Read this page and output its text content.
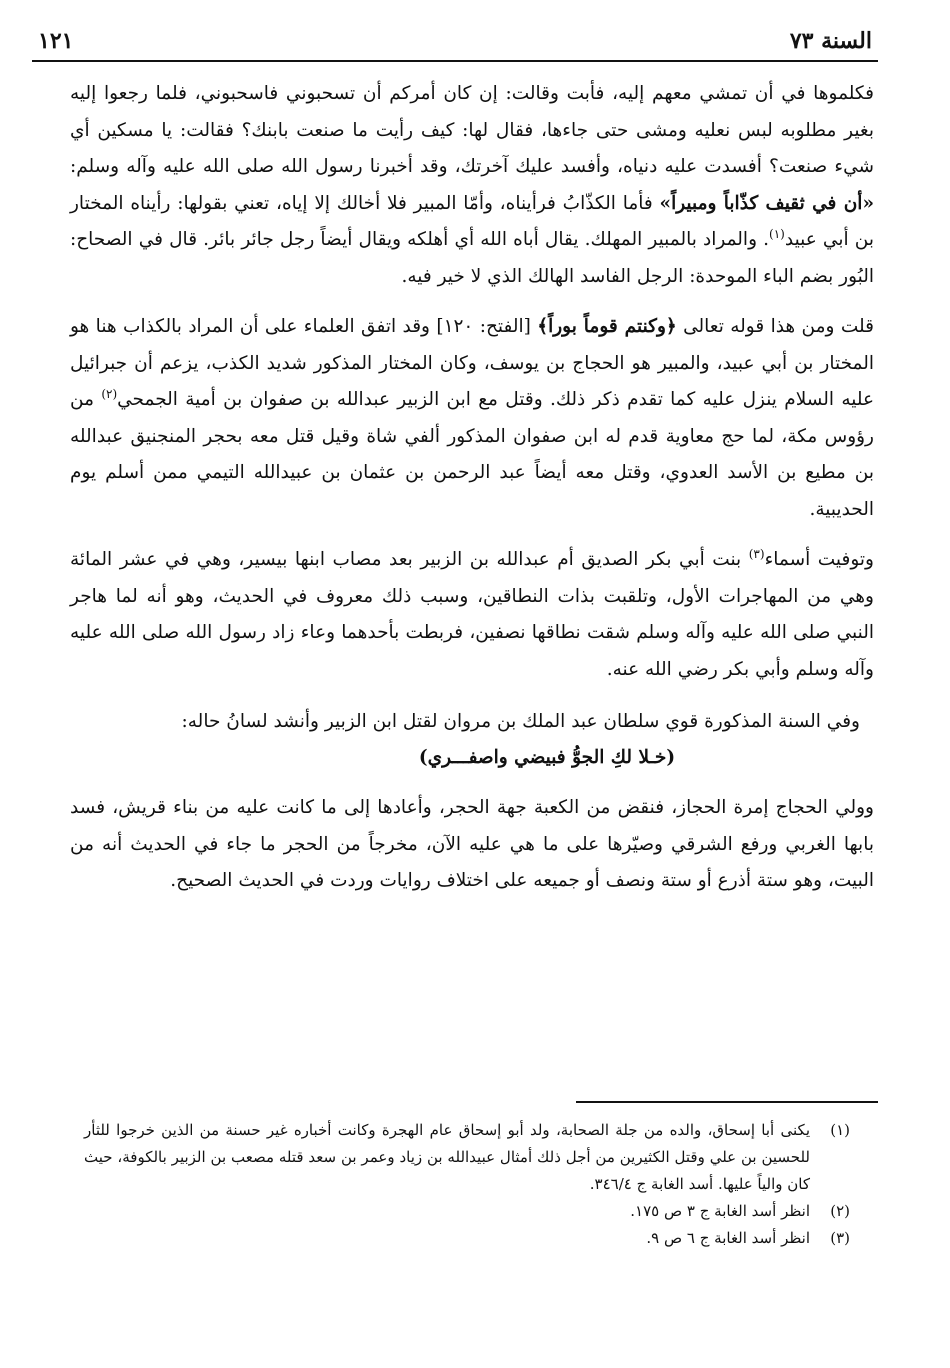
السنة ٧٣
١٢١

فكلموها في أن تمشي معهم إليه، فأبت وقالت: إن كان أمركم أن تسحبوني فاسحبوني، فلما رجعوا إليه بغير مطلوبه لبس نعليه ومشى حتى جاءها، فقال لها: كيف رأيت ما صنعت بابنك؟ فقالت: يا مسكين أي شيء صنعت؟ أفسدت عليه دنياه، وأفسد عليك آخرتك، وقد أخبرنا رسول الله صلى الله عليه وآله وسلم: «أن في ثقيف كذّاباً ومبيراً» فأما الكذّابُ فرأيناه، وأمّا المبير فلا أخالك إلا إياه، تعني بقولها: رأيناه المختار بن أبي عبيد$^{(١)}$. والمراد بالمبير المهلك. يقال أباه الله أي أهلكه ويقال أيضاً رجل جائر بائر. قال في الصحاح: البُور بضم الباء الموحدة: الرجل الفاسد الهالك الذي لا خير فيه.

قلت ومن هذا قوله تعالى ﴿وكنتم قوماً بوراً﴾ [الفتح: ١٢٠] وقد اتفق العلماء على أن المراد بالكذاب هنا هو المختار بن أبي عبيد، والمبير هو الحجاج بن يوسف، وكان المختار المذكور شديد الكذب، يزعم أن جبرائيل عليه السلام ينزل عليه كما تقدم ذكر ذلك. وقتل مع ابن الزبير عبدالله بن صفوان بن أمية الجمحي$^{(٢)}$ من رؤوس مكة، لما حج معاوية قدم له ابن صفوان المذكور ألفي شاة وقيل قتل معه بحجر المنجنيق عبدالله بن مطيع بن الأسد العدوي، وقتل معه أيضاً عبد الرحمن بن عثمان بن عبيدالله التيمي ممن أسلم يوم الحديبية.

وتوفيت أسماء$^{(٣)}$ بنت أبي بكر الصديق أم عبدالله بن الزبير بعد مصاب ابنها بيسير، وهي في عشر المائة وهي من المهاجرات الأول، وتلقبت بذات النطاقين، وسبب ذلك معروف في الحديث، وهو أنه لما هاجر النبي صلى الله عليه وآله وسلم شقت نطاقها نصفين، فربطت بأحدهما وعاء زاد رسول الله صلى الله عليه وآله وسلم وأبي بكر رضي الله عنه.

وفي السنة المذكورة قوي سلطان عبد الملك بن مروان لقتل ابن الزبير وأنشد لسانُ حاله:

(خـلا لكِ الجوُّ فبيضي واصفـــري)

وولي الحجاج إمرة الحجاز، فنقض من الكعبة جهة الحجر، وأعادها إلى ما كانت عليه من بناء قريش، فسد بابها الغربي ورفع الشرقي وصيّرها على ما هي عليه الآن، مخرجاً من الحجر ما جاء في الحديث أنه من البيت، وهو ستة أذرع أو ستة ونصف أو جميعه على اختلاف روايات وردت في الحديث الصحيح.

(١)
يكنى أبا إسحاق، والده من جلة الصحابة، ولد أبو إسحاق عام الهجرة وكانت أخباره غير حسنة من الذين خرجوا للثأر للحسين بن علي وقتل الكثيرين من أجل ذلك أمثال عبيدالله بن زياد وعمر بن سعد قتله مصعب بن الزبير بالكوفة، حيث كان والياً عليها. أسد الغابة ج ٣٤٦/٤.
(٢)
انظر أسد الغابة ج ٣ ص ١٧٥.
(٣)
انظر أسد الغابة ج ٦ ص ٩.
